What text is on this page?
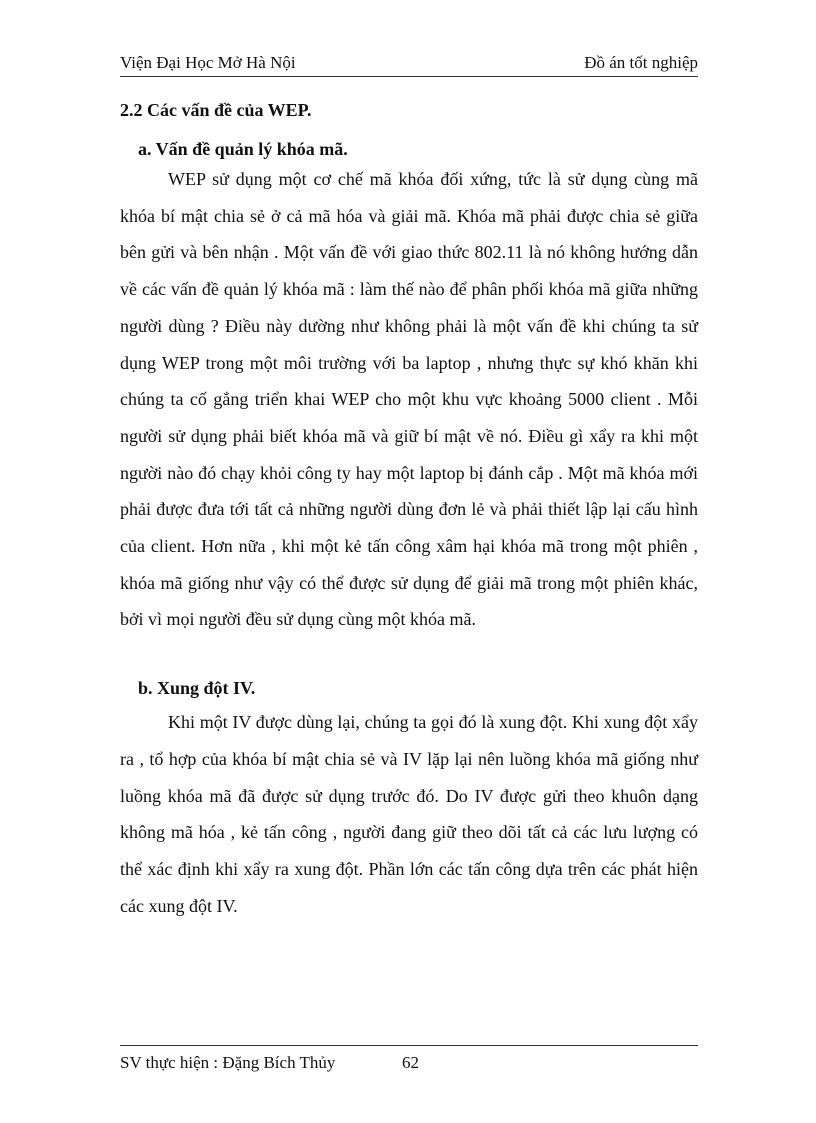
Viện Đại Học Mở Hà Nội	Đồ án tốt nghiệp
2.2 Các vấn đề của WEP.
a. Vấn đề quản lý khóa mã.

WEP sử dụng một cơ chế mã khóa đối xứng, tức là sử dụng cùng mã khóa bí mật chia sẻ ở cả mã hóa và giải mã. Khóa mã phải được chia sẻ giữa bên gửi và bên nhận . Một vấn đề với giao thức 802.11 là nó không hướng dẫn về các vấn đề quản lý khóa mã : làm thế nào để phân phối khóa mã giữa những người dùng ? Điều này dường như không phải là một vấn đề khi chúng ta sử dụng WEP trong một môi trường với ba laptop , nhưng thực sự khó khăn khi chúng ta cố gắng triển khai WEP cho một khu vực khoảng 5000 client . Mỗi người sử dụng phải biết khóa mã và giữ bí mật về nó. Điều gì xẩy ra khi một người nào đó chạy khỏi công ty hay một laptop bị đánh cắp . Một mã khóa mới phải được đưa tới tất cả những người dùng đơn lẻ và phải thiết lập lại cấu hình của client. Hơn nữa , khi một kẻ tấn công xâm hại khóa mã trong một phiên , khóa mã giống như vậy có thể được sử dụng để giải mã trong một phiên khác, bởi vì mọi người đều sử dụng cùng một khóa mã.

b. Xung đột IV.

Khi một IV được dùng lại, chúng ta gọi đó là xung đột. Khi xung đột xẩy ra , tổ hợp của khóa bí mật chia sẻ và IV lặp lại nên luồng khóa mã giống như luồng khóa mã đã được sử dụng trước đó. Do IV được gửi theo khuôn dạng không mã hóa , kẻ tấn công , người đang giữ theo dõi tất cả các lưu lượng có thể xác định khi xẩy ra xung đột. Phần lớn các tấn công dựa trên các phát hiện các xung đột IV.

SV thực hiện : Đặng Bích Thủy	62
